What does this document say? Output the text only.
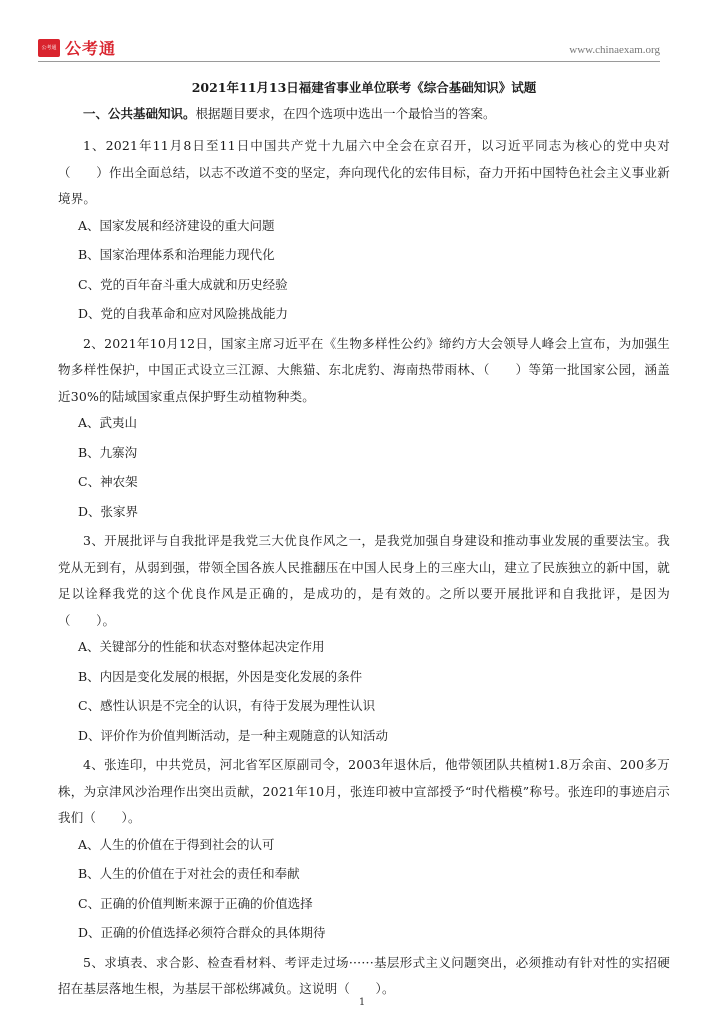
公考通 公考通	www.chinaexam.org
2021年11月13日福建省事业单位联考《综合基础知识》试题

一、公共基础知识。根据题目要求，在四个选项中选出一个最恰当的答案。

1、2021年11月8日至11日中国共产党十九届六中全会在京召开，以习近平同志为核心的党中央对（　　）作出全面总结，以志不改道不变的坚定，奔向现代化的宏伟目标，奋力开拓中国特色社会主义事业新境界。

A、国家发展和经济建设的重大问题

B、国家治理体系和治理能力现代化

C、党的百年奋斗重大成就和历史经验

D、党的自我革命和应对风险挑战能力

2、2021年10月12日，国家主席习近平在《生物多样性公约》缔约方大会领导人峰会上宣布，为加强生物多样性保护，中国正式设立三江源、大熊猫、东北虎豹、海南热带雨林、（　　）等第一批国家公园，涵盖近30%的陆域国家重点保护野生动植物种类。

A、武夷山

B、九寨沟

C、神农架

D、张家界

3、开展批评与自我批评是我党三大优良作风之一，是我党加强自身建设和推动事业发展的重要法宝。我党从无到有，从弱到强，带领全国各族人民推翻压在中国人民身上的三座大山，建立了民族独立的新中国，就足以诠释我党的这个优良作风是正确的，是成功的，是有效的。之所以要开展批评和自我批评，是因为（　　）。

A、关键部分的性能和状态对整体起决定作用

B、内因是变化发展的根据，外因是变化发展的条件

C、感性认识是不完全的认识，有待于发展为理性认识

D、评价作为价值判断活动，是一种主观随意的认知活动

4、张连印，中共党员，河北省军区原副司令，2003年退休后，他带领团队共植树1.8万余亩、200多万株，为京津风沙治理作出突出贡献，2021年10月，张连印被中宣部授予“时代楷模”称号。张连印的事迹启示我们（　　）。

A、人生的价值在于得到社会的认可

B、人生的价值在于对社会的责任和奉献

C、正确的价值判断来源于正确的价值选择

D、正确的价值选择必须符合群众的具体期待

5、求填表、求合影、检查看材料、考评走过场······基层形式主义问题突出，必须推动有针对性的实招硬招在基层落地生根，为基层干部松绑减负。这说明（　　）。

1
